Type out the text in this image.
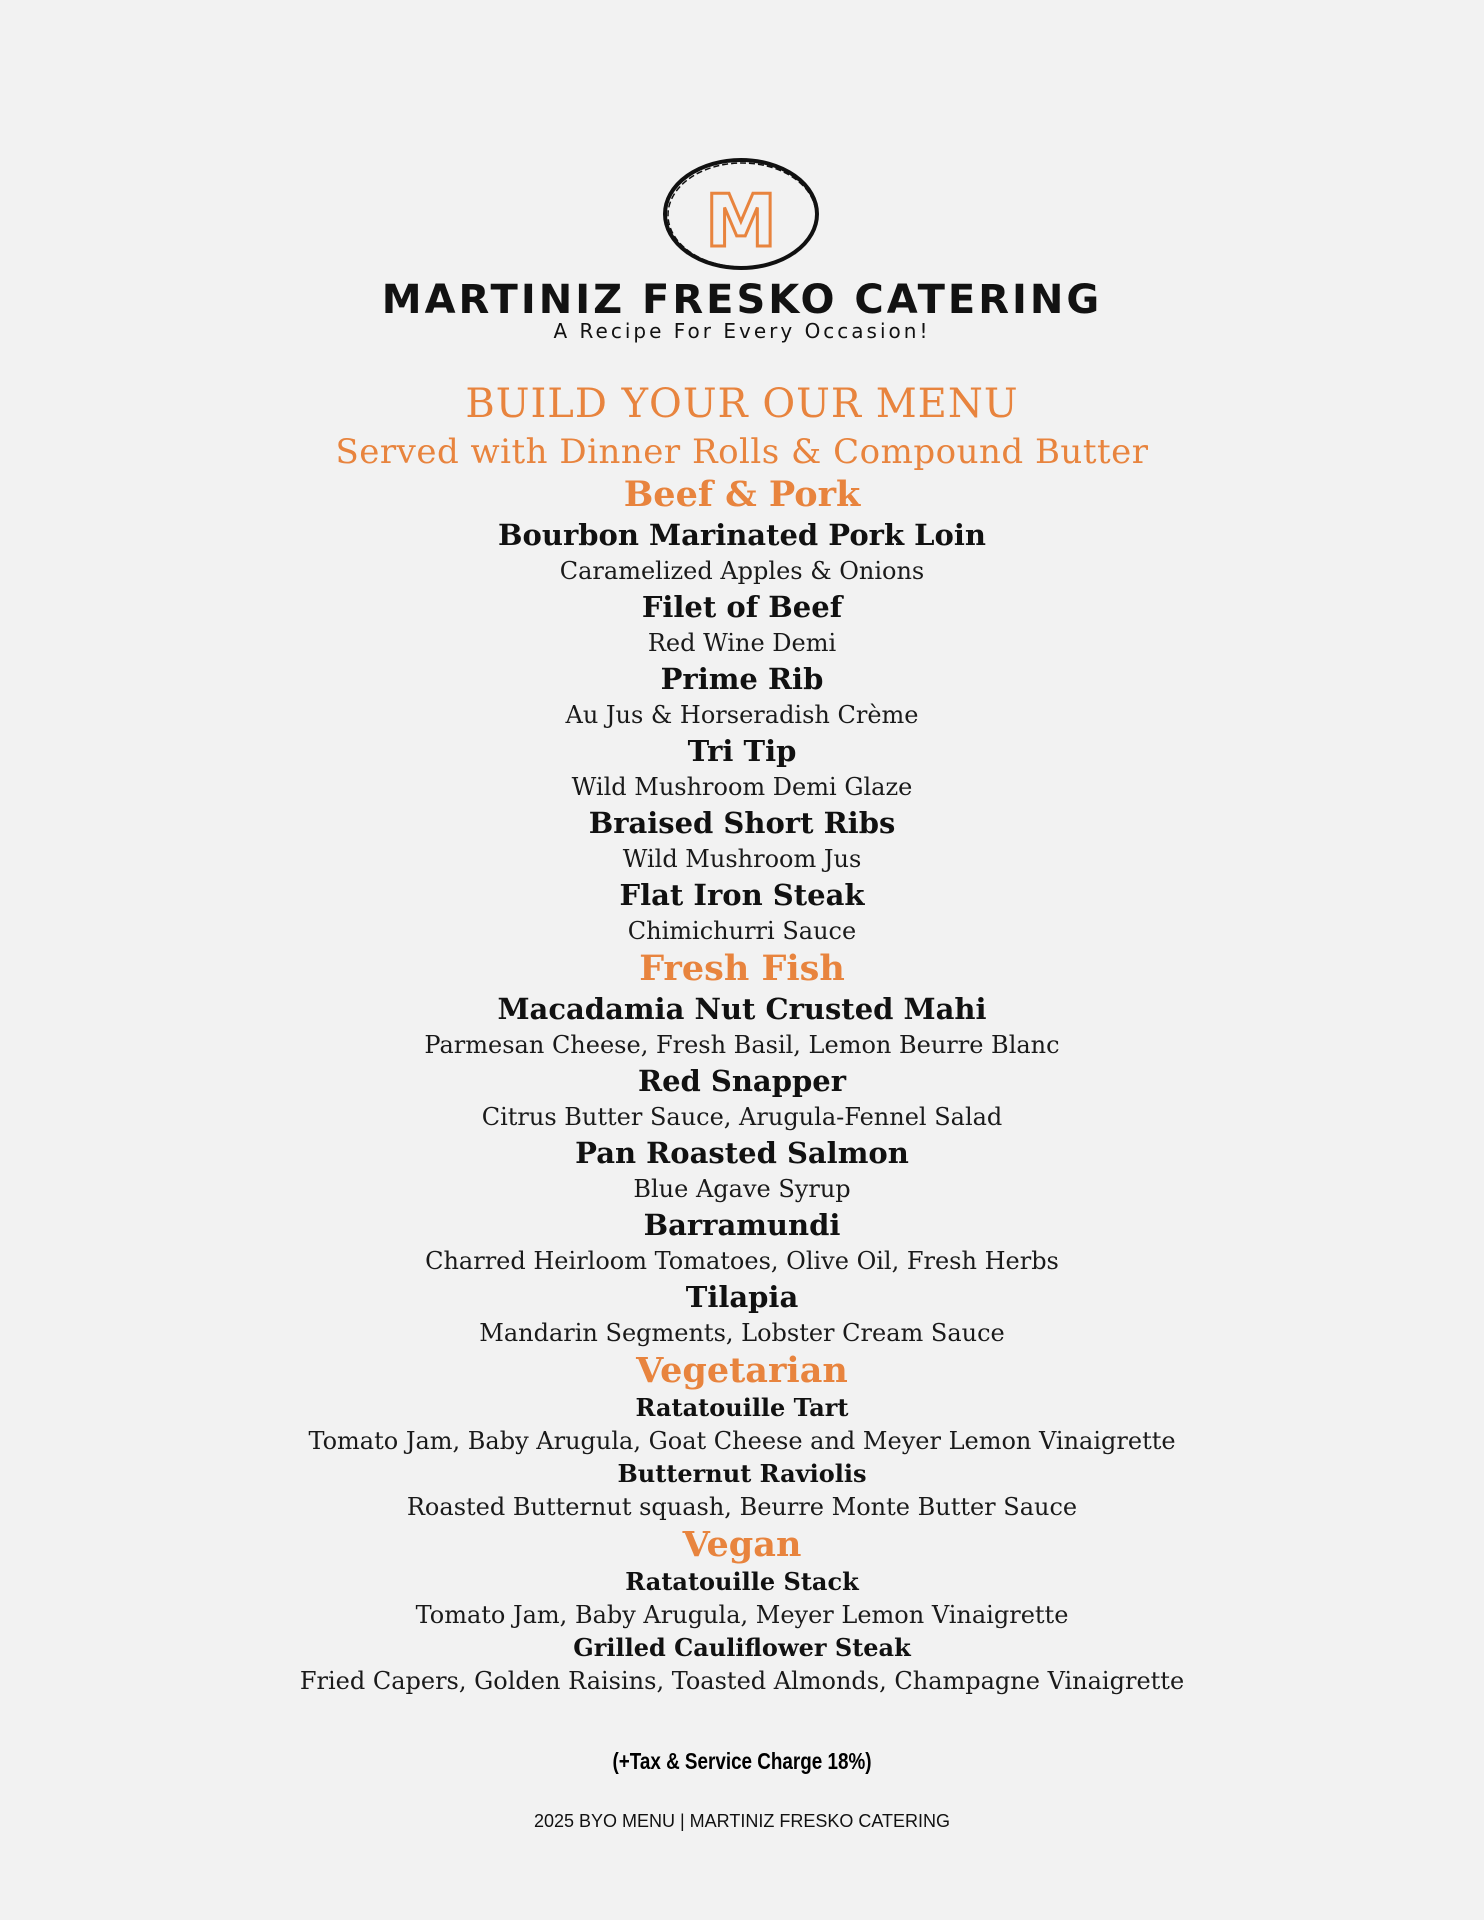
M
MARTINIZ FRESKO CATERING
A Recipe For Every Occasion!
BUILD YOUR OUR MENU

Served with Dinner Rolls & Compound Butter

Beef & Pork

Bourbon Marinated Pork Loin

Caramelized Apples & Onions

Filet of Beef

Red Wine Demi

Prime Rib

Au Jus & Horseradish Crème

Tri Tip

Wild Mushroom Demi Glaze

Braised Short Ribs

Wild Mushroom Jus

Flat Iron Steak

Chimichurri Sauce

Fresh Fish

Macadamia Nut Crusted Mahi

Parmesan Cheese, Fresh Basil, Lemon Beurre Blanc

Red Snapper

Citrus Butter Sauce, Arugula-Fennel Salad

Pan Roasted Salmon

Blue Agave Syrup

Barramundi

Charred Heirloom Tomatoes, Olive Oil, Fresh Herbs

Tilapia

Mandarin Segments, Lobster Cream Sauce

Vegetarian

Ratatouille Tart

Tomato Jam, Baby Arugula, Goat Cheese and Meyer Lemon Vinaigrette

Butternut Raviolis

Roasted Butternut squash, Beurre Monte Butter Sauce

Vegan

Ratatouille Stack

Tomato Jam, Baby Arugula, Meyer Lemon Vinaigrette

Grilled Cauliflower Steak

Fried Capers, Golden Raisins, Toasted Almonds, Champagne Vinaigrette

(+Tax & Service Charge 18%)
2025 BYO MENU | MARTINIZ FRESKO CATERING
